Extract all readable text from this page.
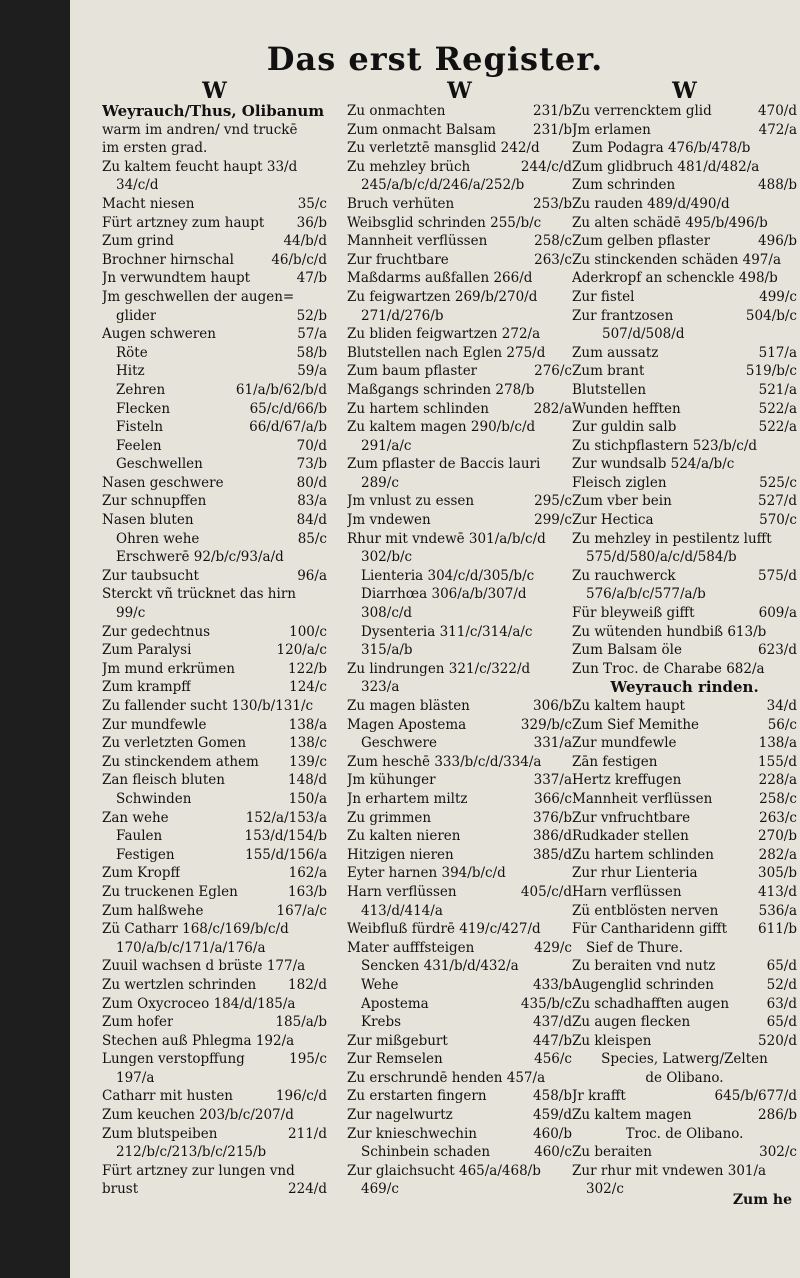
Das erst Register.
W
Weyrauch/Thus, Olibanum
warm im andren/ vnd truckē
im ersten grad.
Zu kaltem feucht haupt 33/d
34/c/d
Macht niesen	35/c
Fürt artzney zum haupt 36/b
Zum grind	44/b/d
Brochner hirnschal	46/b/c/d
Jn verwundtem haupt	47/b
Jm geschwellen der augen=
glider	52/b
Augen schweren	57/a
Röte	58/b
Hitz	59/a
Zehren	61/a/b/62/b/d
Flecken	65/c/d/66/b
Fisteln	66/d/67/a/b
Feelen	70/d
Geschwellen	73/b
Nasen geschwere	80/d
Zur schnupffen	83/a
Nasen bluten	84/d
Ohren wehe	85/c
Erschwerē 92/b/c/93/a/d
Zur taubsucht	96/a
Sterckt vñ trücknet das hirn
99/c
Zur gedechtnus	100/c
Zum Paralysi	120/a/c
Jm mund erkrümen	122/b
Zum krampff	124/c
Zu fallender sucht 130/b/131/c
Zur mundfewle	138/a
Zu verletzten Gomen	138/c
Zu stinckendem athem 139/c
Zan fleisch bluten	148/d
Schwinden	150/a
Zan wehe	152/a/153/a
Faulen	153/d/154/b
Festigen	155/d/156/a
Zum Kropff	162/a
Zu truckenen Eglen	163/b
Zum halßwehe	167/a/c
Zü Catharr 168/c/169/b/c/d
170/a/b/c/171/a/176/a
Zuuil wachsen d brüste 177/a
Zu wertzlen schrinden 182/d
Zum Oxycroceo 184/d/185/a
Zum hofer	185/a/b
Stechen auß Phlegma 192/a
Lungen verstopffung	195/c
197/a
Catharr mit husten	196/c/d
Zum keuchen 203/b/c/207/d
Zum blutspeiben	211/d
212/b/c/213/b/c/215/b
Fürt artzney zur lungen vnd
brust	224/d
W
Zu onmachten	231/b
Zum onmacht Balsam	231/b
Zu verletztē mansglid 242/d
Zu mehzley brüch	244/c/d
245/a/b/c/d/246/a/252/b
Bruch verhüten	253/b
Weibsglid schrinden 255/b/c
Mannheit verflüssen	258/c
Zur fruchtbare	263/c
Maßdarms außfallen 266/d
Zu feigwartzen 269/b/270/d
271/d/276/b
Zu bliden feigwartzen 272/a
Blutstellen nach Eglen 275/d
Zum baum pflaster	276/c
Maßgangs schrinden 278/b
Zu hartem schlinden	282/a
Zu kaltem magen 290/b/c/d
291/a/c
Zum pflaster de Baccis lauri
289/c
Jm vnlust zu essen	295/c
Jm vndewen	299/c
Rhur mit vndewē 301/a/b/c/d
302/b/c
Lienteria 304/c/d/305/b/c
Diarrhœa 306/a/b/307/d
308/c/d
Dysenteria 311/c/314/a/c
315/a/b
Zu lindrungen 321/c/322/d
323/a
Zu magen blästen	306/b
Magen Apostema	329/b/c
Geschwere	331/a
Zum heschē 333/b/c/d/334/a
Jm kühunger	337/a
Jn erhartem miltz	366/c
Zu grimmen	376/b
Zu kalten nieren	386/d
Hitzigen nieren	385/d
Eyter harnen 394/b/c/d
Harn verflüssen	405/c/d
413/d/414/a
Weibfluß fürdrē 419/c/427/d
Mater aufffsteigen	429/c
Sencken 431/b/d/432/a
Wehe	433/b
Apostema	435/b/c
Krebs	437/d
Zur mißgeburt	447/b
Zur Remselen	456/c
Zu erschrundē henden 457/a
Zu erstarten fingern	458/b
Zur nagelwurtz	459/d
Zur knieschwechin	460/b
Schinbein schaden	460/c
Zur glaichsucht 465/a/468/b
469/c
W
Zu verrencktem glid	470/d
Jm erlamen	472/a
Zum Podagra 476/b/478/b
Zum glidbruch 481/d/482/a
Zum schrinden	488/b
Zu rauden 489/d/490/d
Zu alten schädē 495/b/496/b
Zum gelben pflaster	496/b
Zu stinckenden schäden 497/a
Aderkropf an schenckle 498/b
Zur fistel	499/c
Zur frantzosen	504/b/c
507/d/508/d
Zum aussatz	517/a
Zum brant	519/b/c
Blutstellen	521/a
Wunden hefften	522/a
Zur guldin salb	522/a
Zu stichpflastern 523/b/c/d
Zur wundsalb 524/a/b/c
Fleisch ziglen	525/c
Zum vber bein	527/d
Zur Hectica	570/c
Zu mehzley in pestilentz lufft
575/d/580/a/c/d/584/b
Zu rauchwerck	575/d
576/a/b/c/577/a/b
Für bleyweiß gifft	609/a
Zu wütenden hundbiß 613/b
Zum Balsam öle	623/d
Zun Troc. de Charabe 682/a
Weyrauch rinden.
Zu kaltem haupt	34/d
Zum Sief Memithe	56/c
Zur mundfewle	138/a
Zān festigen	155/d
Hertz kreffugen	228/a
Mannheit verflüssen	258/c
Zur vnfruchtbare	263/c
Rudkader stellen	270/b
Zu hartem schlinden	282/a
Zur rhur Lienteria	305/b
Harn verflüssen	413/d
Zü entblösten nerven	536/a
Für Cantharidenn gifft 611/b
Sief de Thure.
Zu beraiten vnd nutz	65/d
Augenglid schrinden	52/d
Zu schadhafften augen	63/d
Zu augen flecken	65/d
Zu kleispen	520/d
Species, Latwerg/Zelten
de Olibano.
Jr krafft	645/b/677/d
Zu kaltem magen	286/b
Troc. de Olibano.
Zu beraiten	302/c
Zur rhur mit vndewen 301/a
302/c
Zum he
